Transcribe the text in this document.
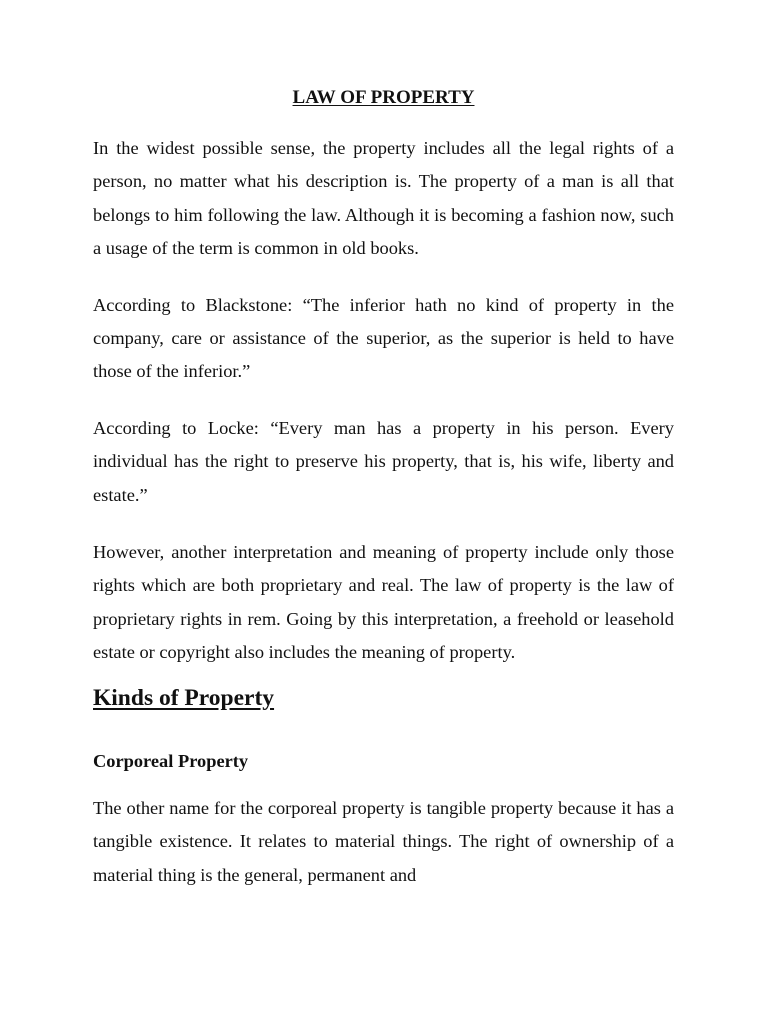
LAW OF PROPERTY

In the widest possible sense, the property includes all the legal rights of a person, no matter what his description is. The property of a man is all that belongs to him following the law. Although it is becoming a fashion now, such a usage of the term is common in old books.

According to Blackstone: “The inferior hath no kind of property in the company, care or assistance of the superior, as the superior is held to have those of the inferior.”

According to Locke: “Every man has a property in his person. Every individual has the right to preserve his property, that is, his wife, liberty and estate.”

However, another interpretation and meaning of property include only those rights which are both proprietary and real. The law of property is the law of proprietary rights in rem. Going by this interpretation, a freehold or leasehold estate or copyright also includes the meaning of property.

Kinds of Property
Corporeal Property

The other name for the corporeal property is tangible property because it has a tangible existence. It relates to material things. The right of ownership of a material thing is the general, permanent and
